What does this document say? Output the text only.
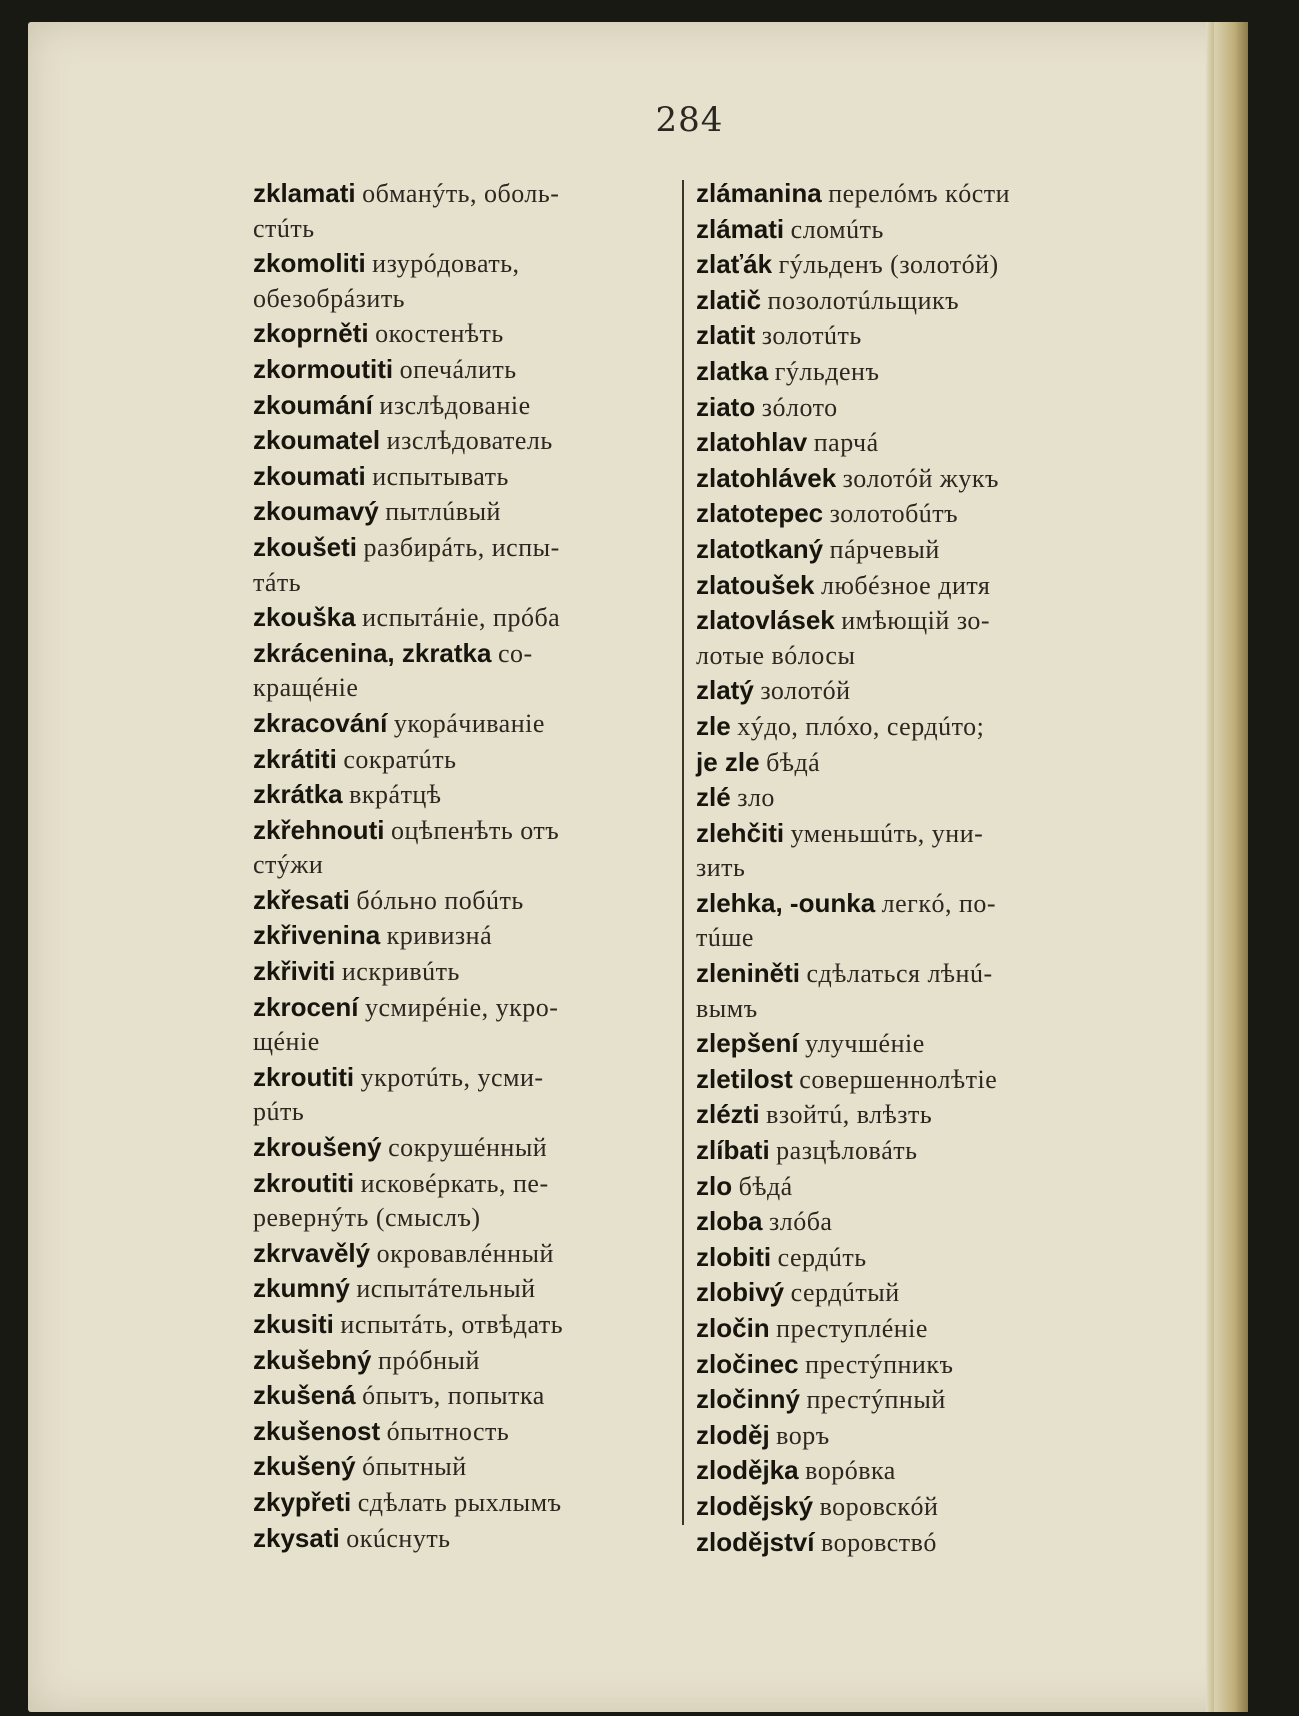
284
zklamati обманýть, оболь-
стúть
zkomoliti изурóдовать,
обезобрáзить
zkoprněti окостенѣть
zkormoutiti опечáлить
zkoumání изслѣдованіе
zkoumatel изслѣдователь
zkoumati испытывать
zkoumavý пытлúвый
zkoušeti разбирáть, испы-
тáть
zkouška испытáніе, прóба
zkrácenina, zkratka со-
кращéніе
zkracování укорáчиваніе
zkrátiti сократúть
zkrátka вкрáтцѣ
zkřehnouti оцѣпенѣть отъ
стýжи
zkřesati бóльно побúть
zkřivenina кривизнá
zkřiviti искривúть
zkrocení усмирéніе, укро-
щéніе
zkroutiti укротúть, усми-
рúть
zkroušený сокрушéнный
zkroutiti исковéркать, пе-
ревернýть (смыслъ)
zkrvavělý окровавлéнный
zkumný испытáтельный
zkusiti испытáть, отвѣдать
zkušebný прóбный
zkušená óпытъ, попытка
zkušenost óпытность
zkušený óпытный
zkypřeti сдѣлать рыхлымъ
zkysati окúснуть
zlámanina перелóмъ кóсти
zlámati сломúть
zlaťák гýльденъ (золотóй)
zlatič позолотúльщикъ
zlatit золотúть
zlatka гýльденъ
ziato зóлото
zlatohlav парчá
zlatohlávek золотóй жукъ
zlatotepec золотобúтъ
zlatotkaný пáрчевый
zlatoušek любéзное дитя
zlatovlásek имѣющій зо-
лотые вóлосы
zlatý золотóй
zle хýдо, плóхо, сердúто;
je zle бѣдá
zlé зло
zlehčiti уменьшúть, уни-
зить
zlehka, -ounka легкó, по-
тúше
zleniněti сдѣлаться лѣнú-
вымъ
zlepšení улучшéніе
zletilost совершеннолѣтіе
zlézti взойтú, влѣзть
zlíbati разцѣловáть
zlo бѣдá
zloba злóба
zlobiti сердúть
zlobivý сердúтый
zločin преступлéніе
zločinec престýпникъ
zločinný престýпный
zloděj воръ
zlodějka ворóвка
zlodějský воровскóй
zlodějství воровствó
